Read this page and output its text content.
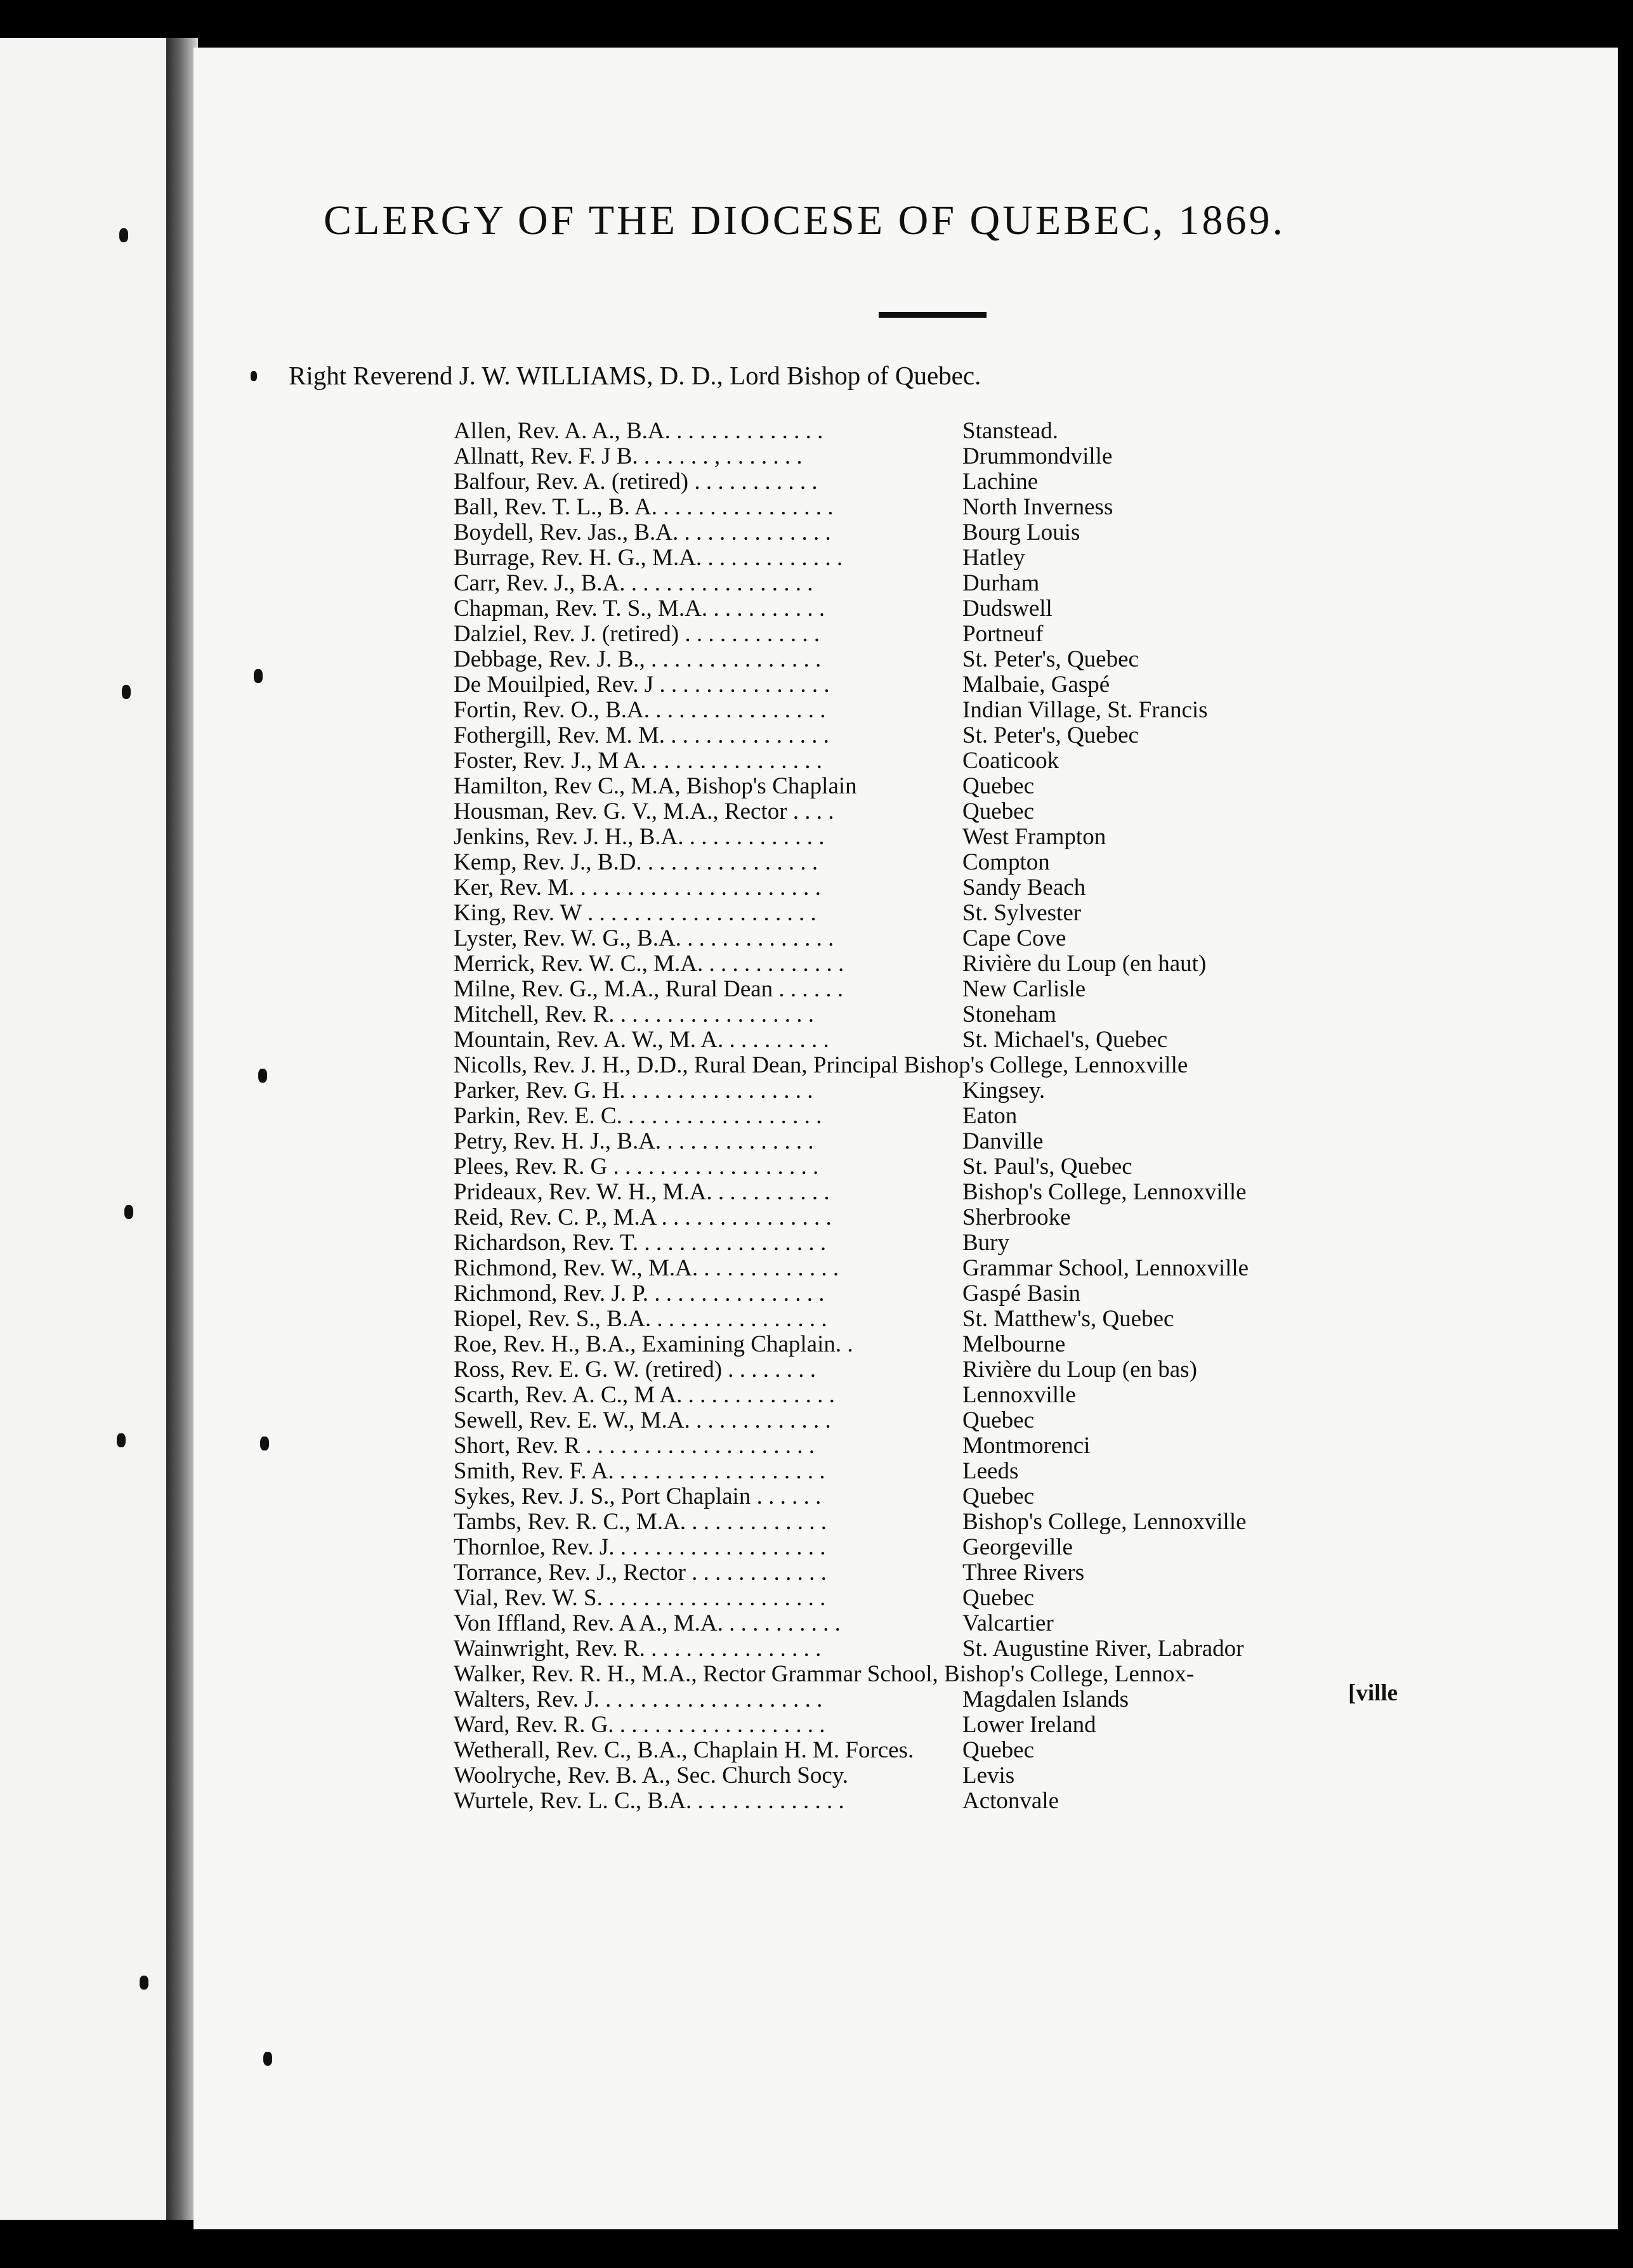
CLERGY OF THE DIOCESE OF QUEBEC, 1869.
Right Reverend J. W. WILLIAMS, D. D., Lord Bishop of Quebec.
Allen, Rev. A. A., B.A. . . . . . . . . . . . . .	Stanstead.
Allnatt, Rev. F. J B. . . . . . . , . . . . . . .	Drummondville
Balfour, Rev. A. (retired) . . . . . . . . . . .	Lachine
Ball, Rev. T. L., B. A. . . . . . . . . . . . . . . .	North Inverness
Boydell, Rev. Jas., B.A. . . . . . . . . . . . . .	Bourg Louis
Burrage, Rev. H. G., M.A. . . . . . . . . . . . .	Hatley
Carr, Rev. J., B.A. . . . . . . . . . . . . . . . .	Durham
Chapman, Rev. T. S., M.A. . . . . . . . . . .	Dudswell
Dalziel, Rev. J. (retired) . . . . . . . . . . . .	Portneuf
Debbage, Rev. J. B., . . . . . . . . . . . . . . .	St. Peter's, Quebec
De Mouilpied, Rev. J . . . . . . . . . . . . . . .	Malbaie, Gaspé
Fortin, Rev. O., B.A. . . . . . . . . . . . . . . .	Indian Village, St. Francis
Fothergill, Rev. M. M. . . . . . . . . . . . . . .	St. Peter's, Quebec
Foster, Rev. J., M A. . . . . . . . . . . . . . . .	Coaticook
Hamilton, Rev C., M.A, Bishop's Chaplain	Quebec
Housman, Rev. G. V., M.A., Rector . . . .	Quebec
Jenkins, Rev. J. H., B.A. . . . . . . . . . . . .	West Frampton
Kemp, Rev. J., B.D. . . . . . . . . . . . . . . .	Compton
Ker, Rev. M. . . . . . . . . . . . . . . . . . . . . .	Sandy Beach
King, Rev. W . . . . . . . . . . . . . . . . . . . .	St. Sylvester
Lyster, Rev. W. G., B.A. . . . . . . . . . . . . .	Cape Cove
Merrick, Rev. W. C., M.A. . . . . . . . . . . . .	Rivière du Loup (en haut)
Milne, Rev. G., M.A., Rural Dean . . . . . .	New Carlisle
Mitchell, Rev. R. . . . . . . . . . . . . . . . . .	Stoneham
Mountain, Rev. A. W., M. A. . . . . . . . . .	St. Michael's, Quebec
Nicolls, Rev. J. H., D.D., Rural Dean, Principal Bishop's College, Lennoxville
Parker, Rev. G. H. . . . . . . . . . . . . . . . .	Kingsey.
Parkin, Rev. E. C. . . . . . . . . . . . . . . . . .	Eaton
Petry, Rev. H. J., B.A. . . . . . . . . . . . . .	Danville
Plees, Rev. R. G . . . . . . . . . . . . . . . . . .	St. Paul's, Quebec
Prideaux, Rev. W. H., M.A. . . . . . . . . . .	Bishop's College, Lennoxville
Reid, Rev. C. P., M.A . . . . . . . . . . . . . . .	Sherbrooke
Richardson, Rev. T. . . . . . . . . . . . . . . . .	Bury
Richmond, Rev. W., M.A. . . . . . . . . . . . .	Grammar School, Lennoxville
Richmond, Rev. J. P. . . . . . . . . . . . . . . .	Gaspé Basin
Riopel, Rev. S., B.A. . . . . . . . . . . . . . . .	St. Matthew's, Quebec
Roe, Rev. H., B.A., Examining Chaplain. .	Melbourne
Ross, Rev. E. G. W. (retired) . . . . . . . .	Rivière du Loup (en bas)
Scarth, Rev. A. C., M A. . . . . . . . . . . . . .	Lennoxville
Sewell, Rev. E. W., M.A. . . . . . . . . . . . .	Quebec
Short, Rev. R . . . . . . . . . . . . . . . . . . . .	Montmorenci
Smith, Rev. F. A. . . . . . . . . . . . . . . . . . .	Leeds
Sykes, Rev. J. S., Port Chaplain . . . . . .	Quebec
Tambs, Rev. R. C., M.A. . . . . . . . . . . . .	Bishop's College, Lennoxville
Thornloe, Rev. J. . . . . . . . . . . . . . . . . . .	Georgeville
Torrance, Rev. J., Rector . . . . . . . . . . . .	Three Rivers
Vial, Rev. W. S. . . . . . . . . . . . . . . . . . . .	Quebec
Von Iffland, Rev. A A., M.A. . . . . . . . . . .	Valcartier
Wainwright, Rev. R. . . . . . . . . . . . . . . .	St. Augustine River, Labrador
Walker, Rev. R. H., M.A., Rector Grammar School, Bishop's College, Lennox-
Walters, Rev. J. . . . . . . . . . . . . . . . . . . .	Magdalen Islands
Ward, Rev. R. G. . . . . . . . . . . . . . . . . . .	Lower Ireland
Wetherall, Rev. C., B.A., Chaplain H. M. Forces. Quebec
Woolryche, Rev. B. A., Sec. Church Socy.	Levis
Wurtele, Rev. L. C., B.A. . . . . . . . . . . . . .	Actonvale
[ville
